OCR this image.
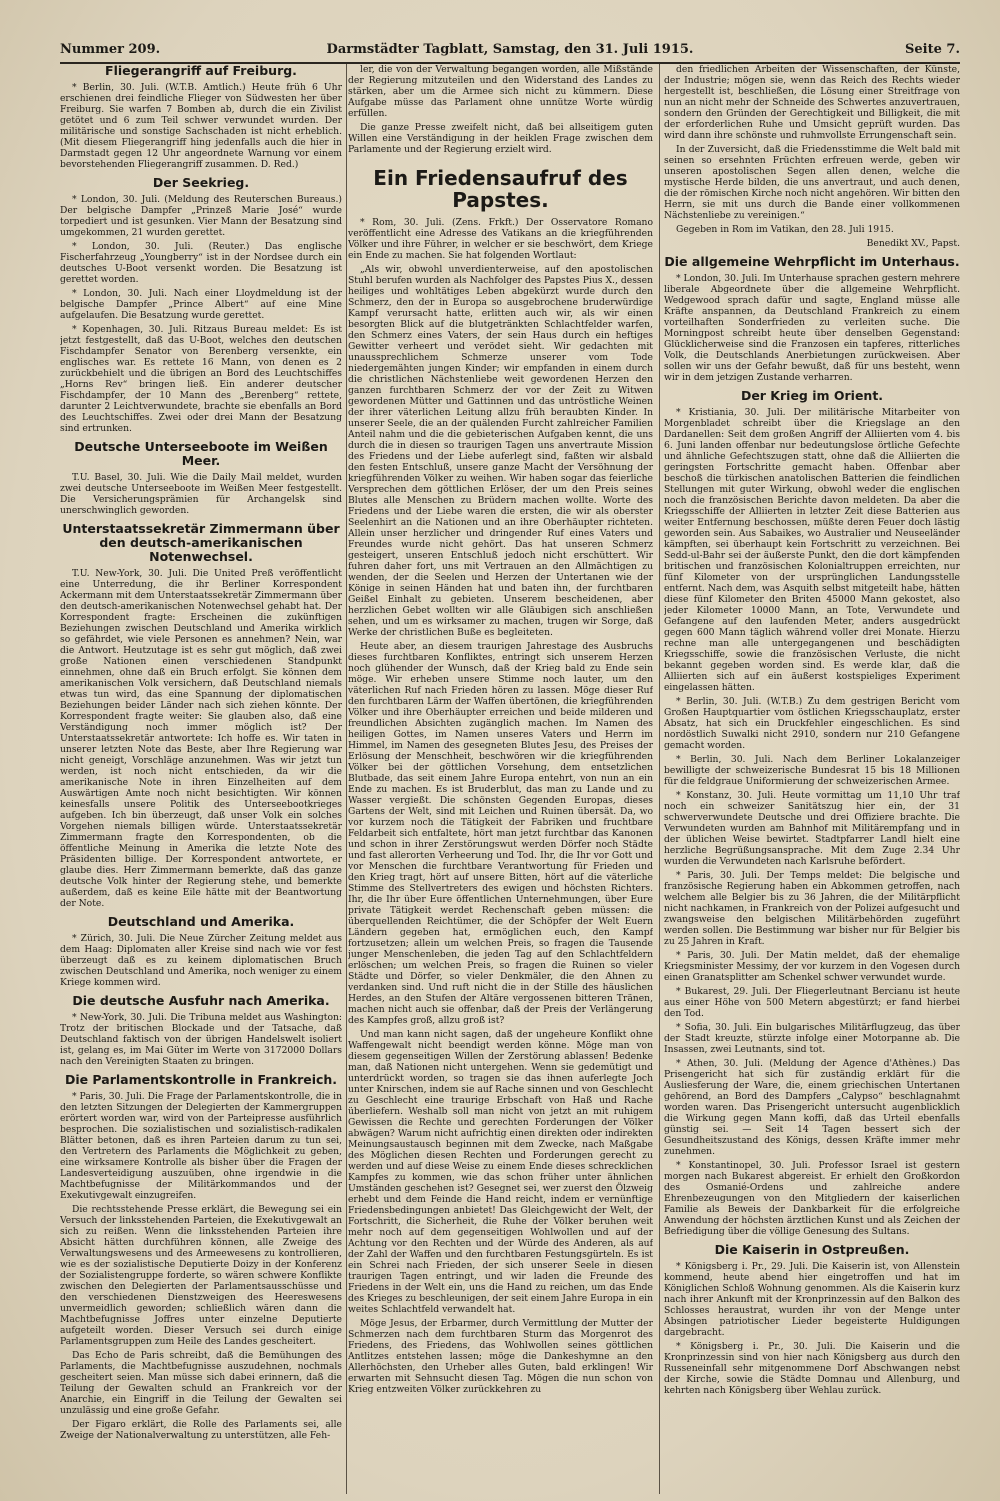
Nummer 209.	Darmstädter Tagblatt, Samstag, den 31. Juli 1915.	Seite 7.
Fliegerangriff auf Freiburg.

* Berlin, 30. Juli. (W.T.B. Amtlich.) Heute früh 6 Uhr erschienen drei feindliche Flieger von Südwesten her über Freiburg. Sie warfen 7 Bomben ab, durch die ein Zivilist getötet und 6 zum Teil schwer verwundet wurden. Der militärische und sonstige Sachschaden ist nicht erheblich. (Mit diesem Fliegerangriff hing jedenfalls auch die hier in Darmstadt gegen 12 Uhr angeordnete Warnung vor einem bevorstehenden Fliegerangriff zusammen. D. Red.)

Der Seekrieg.

* London, 30. Juli. (Meldung des Reuterschen Bureaus.) Der belgische Dampfer „Prinzeß Marie José“ wurde torpediert und ist gesunken. Vier Mann der Besatzung sind umgekommen, 21 wurden gerettet.

* London, 30. Juli. (Reuter.) Das englische Fischerfahrzeug „Youngberry“ ist in der Nordsee durch ein deutsches U-Boot versenkt worden. Die Besatzung ist gerettet worden.

* London, 30. Juli. Nach einer Lloydmeldung ist der belgische Dampfer „Prince Albert“ auf eine Mine aufgelaufen. Die Besatzung wurde gerettet.

* Kopenhagen, 30. Juli. Ritzaus Bureau meldet: Es ist jetzt festgestellt, daß das U-Boot, welches den deutschen Fischdampfer Senator von Berenberg versenkte, ein englisches war. Es rettete 16 Mann, von denen es 2 zurückbehielt und die übrigen an Bord des Leuchtschiffes „Horns Rev“ bringen ließ. Ein anderer deutscher Fischdampfer, der 10 Mann des „Berenberg“ rettete, darunter 2 Leichtverwundete, brachte sie ebenfalls an Bord des Leuchtschiffes. Zwei oder drei Mann der Besatzung sind ertrunken.

Deutsche Unterseeboote im Weißen Meer.

T.U. Basel, 30. Juli. Wie die Daily Mail meldet, wurden zwei deutsche Unterseeboote im Weißen Meer festgestellt. Die Versicherungsprämien für Archangelsk sind unerschwinglich geworden.

Unterstaatssekretär Zimmermann über den deutsch-amerikanischen Notenwechsel.

T.U. New-York, 30. Juli. Die United Preß veröffentlicht eine Unterredung, die ihr Berliner Korrespondent Ackermann mit dem Unterstaatssekretär Zimmermann über den deutsch-amerikanischen Notenwechsel gehabt hat. Der Korrespondent fragte: Erscheinen die zukünftigen Beziehungen zwischen Deutschland und Amerika wirklich so gefährdet, wie viele Personen es annehmen? Nein, war die Antwort. Heutzutage ist es sehr gut möglich, daß zwei große Nationen einen verschiedenen Standpunkt einnehmen, ohne daß ein Bruch erfolgt. Sie können dem amerikanischen Volk versichern, daß Deutschland niemals etwas tun wird, das eine Spannung der diplomatischen Beziehungen beider Länder nach sich ziehen könnte. Der Korrespondent fragte weiter: Sie glauben also, daß eine Verständigung noch immer möglich ist? Der Unterstaatssekretär antwortete: Ich hoffe es. Wir taten in unserer letzten Note das Beste, aber Ihre Regierung war nicht geneigt, Vorschläge anzunehmen. Was wir jetzt tun werden, ist noch nicht entschieden, da wir die amerikanische Note in ihren Einzelheiten auf dem Auswärtigen Amte noch nicht besichtigten. Wir können keinesfalls unsere Politik des Unterseebootkrieges aufgeben. Ich bin überzeugt, daß unser Volk ein solches Vorgehen niemals billigen würde. Unterstaatssekretär Zimmermann fragte den Korrespondenten, ob die öffentliche Meinung in Amerika die letzte Note des Präsidenten billige. Der Korrespondent antwortete, er glaube dies. Herr Zimmermann bemerkte, daß das ganze deutsche Volk hinter der Regierung stehe, und bemerkte außerdem, daß es keine Eile hätte mit der Beantwortung der Note.

Deutschland und Amerika.

* Zürich, 30. Juli. Die Neue Zürcher Zeitung meldet aus dem Haag: Diplomaten aller Kreise sind nach wie vor fest überzeugt daß es zu keinem diplomatischen Bruch zwischen Deutschland und Amerika, noch weniger zu einem Kriege kommen wird.

Die deutsche Ausfuhr nach Amerika.

* New-York, 30. Juli. Die Tribuna meldet aus Washington: Trotz der britischen Blockade und der Tatsache, daß Deutschland faktisch von der übrigen Handelswelt isoliert ist, gelang es, im Mai Güter im Werte von 3172000 Dollars nach den Vereinigten Staaten zu bringen.

Die Parlamentskontrolle in Frankreich.

* Paris, 30. Juli. Die Frage der Parlamentskontrolle, die in den letzten Sitzungen der Delegierten der Kammergruppen erörtert worden war, wird von der Parteipresse ausführlich besprochen. Die sozialistischen und sozialistisch-radikalen Blätter betonen, daß es ihren Parteien darum zu tun sei, den Vertretern des Parlaments die Möglichkeit zu geben, eine wirksamere Kontrolle als bisher über die Fragen der Landesverteidigung auszuüben, ohne irgendwie in die Machtbefugnisse der Militärkommandos und der Exekutivgewalt einzugreifen.

Die rechtsstehende Presse erklärt, die Bewegung sei ein Versuch der linksstehenden Parteien, die Exekutivgewalt an sich zu reißen. Wenn die linksstehenden Parteien ihre Absicht hätten durchführen können, alle Zweige des Verwaltungswesens und des Armeewesens zu kontrollieren, wie es der sozialistische Deputierte Doizy in der Konferenz der Sozialistengruppe forderte, so wären schwere Konflikte zwischen den Delegierten der Parlamentsausschüsse und den verschiedenen Dienstzweigen des Heereswesens unvermeidlich geworden; schließlich wären dann die Machtbefugnisse Joffres unter einzelne Deputierte aufgeteilt worden. Dieser Versuch sei durch einige Parlamentsgruppen zum Heile des Landes gescheitert.

Das Echo de Paris schreibt, daß die Bemühungen des Parlaments, die Machtbefugnisse auszudehnen, nochmals gescheitert seien. Man müsse sich dabei erinnern, daß die Teilung der Gewalten schuld an Frankreich vor der Anarchie, ein Eingriff in die Teilung der Gewalten sei unzulässig und eine große Gefahr.

Der Figaro erklärt, die Rolle des Parlaments sei, alle Zweige der Nationalverwaltung zu unterstützen, alle Feh-

ler, die von der Verwaltung begangen worden, alle Mißstände der Regierung mitzuteilen und den Widerstand des Landes zu stärken, aber um die Armee sich nicht zu kümmern. Diese Aufgabe müsse das Parlament ohne unnütze Worte würdig erfüllen.

Die ganze Presse zweifelt nicht, daß bei allseitigem guten Willen eine Verständigung in der heiklen Frage zwischen dem Parlamente und der Regierung erzielt wird.

Ein Friedensaufruf des Papstes.

* Rom, 30. Juli. (Zens. Frkft.) Der Osservatore Romano veröffentlicht eine Adresse des Vatikans an die kriegführenden Völker und ihre Führer, in welcher er sie beschwört, dem Kriege ein Ende zu machen. Sie hat folgenden Wortlaut:

„Als wir, obwohl unverdienterweise, auf den apostolischen Stuhl berufen wurden als Nachfolger des Papstes Pius X., dessen heiliges und wohltätiges Leben abgekürzt wurde durch den Schmerz, den der in Europa so ausgebrochene bruderwürdige Kampf verursacht hatte, erlitten auch wir, als wir einen besorgten Blick auf die blutgetränkten Schlachtfelder warfen, den Schmerz eines Vaters, der sein Haus durch ein heftiges Gewitter verheert und verödet sieht. Wir gedachten mit unaussprechlichem Schmerze unserer vom Tode niedergemähten jungen Kinder; wir empfanden in einem durch die christlichen Nächstenliebe weit gewordenen Herzen den ganzen furchtbaren Schmerz der vor der Zeit zu Witwen gewordenen Mütter und Gattinnen und das untröstliche Weinen der ihrer väterlichen Leitung allzu früh beraubten Kinder. In unserer Seele, die an der quälenden Furcht zahlreicher Familien Anteil nahm und die die gebieterischen Aufgaben kennt, die uns durch die in diesen so traurigen Tagen uns anvertraute Mission des Friedens und der Liebe auferlegt sind, faßten wir alsbald den festen Entschluß, unsere ganze Macht der Versöhnung der kriegführenden Völker zu weihen. Wir haben sogar das feierliche Versprechen dem göttlichen Erlöser, der um den Preis seines Blutes alle Menschen zu Brüdern machen wollte. Worte des Friedens und der Liebe waren die ersten, die wir als oberster Seelenhirt an die Nationen und an ihre Oberhäupter richteten. Allein unser herzlicher und dringender Ruf eines Vaters und Freundes wurde nicht gehört. Das hat unseren Schmerz gesteigert, unseren Entschluß jedoch nicht erschüttert. Wir fuhren daher fort, uns mit Vertrauen an den Allmächtigen zu wenden, der die Seelen und Herzen der Untertanen wie der Könige in seinen Händen hat und baten ihn, der furchtbaren Geißel Einhalt zu gebieten. Unserem bescheidenen, aber herzlichen Gebet wollten wir alle Gläubigen sich anschließen sehen, und um es wirksamer zu machen, trugen wir Sorge, daß Werke der christlichen Buße es begleiteten.

Heute aber, an diesem traurigen Jahrestage des Ausbruchs dieses furchtbaren Konfliktes, entringt sich unserem Herzen noch glühender der Wunsch, daß der Krieg bald zu Ende sein möge. Wir erheben unsere Stimme noch lauter, um den väterlichen Ruf nach Frieden hören zu lassen. Möge dieser Ruf den furchtbaren Lärm der Waffen übertönen, die kriegführenden Völker und ihre Oberhäupter erreichen und beide milderen und freundlichen Absichten zugänglich machen. Im Namen des heiligen Gottes, im Namen unseres Vaters und Herrn im Himmel, im Namen des gesegneten Blutes Jesu, des Preises der Erlösung der Menschheit, beschwören wir die kriegführenden Völker bei der göttlichen Vorsehung, dem entsetzlichen Blutbade, das seit einem Jahre Europa entehrt, von nun an ein Ende zu machen. Es ist Bruderblut, das man zu Lande und zu Wasser vergießt. Die schönsten Gegenden Europas, dieses Gartens der Welt, sind mit Leichen und Ruinen übersät. Da, wo vor kurzem noch die Tätigkeit der Fabriken und fruchtbare Feldarbeit sich entfaltete, hört man jetzt furchtbar das Kanonen und schon in ihrer Zerstörungswut werden Dörfer noch Städte und fast allerorten Verheerung und Tod. Ihr, die Ihr vor Gott und vor Menschen die furchtbare Verantwortung für Frieden und den Krieg tragt, hört auf unsere Bitten, hört auf die väterliche Stimme des Stellvertreters des ewigen und höchsten Richters. Ihr, die Ihr über Eure öffentlichen Unternehmungen, über Eure private Tätigkeit werdet Rechenschaft geben müssen: die überquellenden Reichtümer, die der Schöpfer der Welt Euern Ländern gegeben hat, ermöglichen euch, den Kampf fortzusetzen; allein um welchen Preis, so fragen die Tausende junger Menschenleben, die jeden Tag auf den Schlachtfeldern erlöschen; um welchen Preis, so fragen die Ruinen so vieler Städte und Dörfer, so vieler Denkmäler, die den Ahnen zu verdanken sind. Und ruft nicht die in der Stille des häuslichen Herdes, an den Stufen der Altäre vergossenen bitteren Tränen, machen nicht auch sie offenbar, daß der Preis der Verlängerung des Kampfes groß, allzu groß ist?

Und man kann nicht sagen, daß der ungeheure Konflikt ohne Waffengewalt nicht beendigt werden könne. Möge man von diesem gegenseitigen Willen der Zerstörung ablassen! Bedenke man, daß Nationen nicht untergehen. Wenn sie gedemütigt und unterdrückt worden, so tragen sie das ihnen auferlegte Joch unter Knirschen, indem sie auf Rache sinnen und von Geschlecht zu Geschlecht eine traurige Erbschaft von Haß und Rache überliefern. Weshalb soll man nicht von jetzt an mit ruhigem Gewissen die Rechte und gerechten Forderungen der Völker abwägen? Warum nicht aufrichtig einen direkten oder indirekten Meinungsaustausch beginnen mit dem Zwecke, nach Maßgabe des Möglichen diesen Rechten und Forderungen gerecht zu werden und auf diese Weise zu einem Ende dieses schrecklichen Kampfes zu kommen, wie das schon früher unter ähnlichen Umständen geschehen ist? Gesegnet sei, wer zuerst den Ölzweig erhebt und dem Feinde die Hand reicht, indem er vernünftige Friedensbedingungen anbietet! Das Gleichgewicht der Welt, der Fortschritt, die Sicherheit, die Ruhe der Völker beruhen weit mehr noch auf dem gegenseitigen Wohlwollen und auf der Achtung vor den Rechten und der Würde des Anderen, als auf der Zahl der Waffen und den furchtbaren Festungsgürteln. Es ist ein Schrei nach Frieden, der sich unserer Seele in diesen traurigen Tagen entringt, und wir laden die Freunde des Friedens in der Welt ein, uns die Hand zu reichen, um das Ende des Krieges zu beschleunigen, der seit einem Jahre Europa in ein weites Schlachtfeld verwandelt hat.

Möge Jesus, der Erbarmer, durch Vermittlung der Mutter der Schmerzen nach dem furchtbaren Sturm das Morgenrot des Friedens, des Friedens, das Wohlwollen seines göttlichen Antlitzes entstehen lassen; möge die Dankeshymne an den Allerhöchsten, den Urheber alles Guten, bald erklingen! Wir erwarten mit Sehnsucht diesen Tag. Mögen die nun schon von Krieg entzweiten Völker zurückkehren zu

den friedlichen Arbeiten der Wissenschaften, der Künste, der Industrie; mögen sie, wenn das Reich des Rechts wieder hergestellt ist, beschließen, die Lösung einer Streitfrage von nun an nicht mehr der Schneide des Schwertes anzuvertrauen, sondern den Gründen der Gerechtigkeit und Billigkeit, die mit der erforderlichen Ruhe und Umsicht geprüft wurden. Das wird dann ihre schönste und ruhmvollste Errungenschaft sein.

In der Zuversicht, daß die Friedensstimme die Welt bald mit seinen so ersehnten Früchten erfreuen werde, geben wir unseren apostolischen Segen allen denen, welche die mystische Herde bilden, die uns anvertraut, und auch denen, die der römischen Kirche noch nicht angehören. Wir bitten den Herrn, sie mit uns durch die Bande einer vollkommenen Nächstenliebe zu vereinigen.“

Gegeben in Rom im Vatikan, den 28. Juli 1915.

Benedikt XV., Papst.

Die allgemeine Wehrpflicht im Unterhaus.

* London, 30. Juli. Im Unterhause sprachen gestern mehrere liberale Abgeordnete über die allgemeine Wehrpflicht. Wedgewood sprach dafür und sagte, England müsse alle Kräfte anspannen, da Deutschland Frankreich zu einem vorteilhaften Sonderfrieden zu verleiten suche. Die Morningpost schreibt heute über denselben Gegenstand: Glücklicherweise sind die Franzosen ein tapferes, ritterliches Volk, die Deutschlands Anerbietungen zurückweisen. Aber sollen wir uns der Gefahr bewußt, daß für uns besteht, wenn wir in dem jetzigen Zustande verharren.

Der Krieg im Orient.

* Kristiania, 30. Juli. Der militärische Mitarbeiter von Morgenbladet schreibt über die Kriegslage an den Dardanellen: Seit dem großen Angriff der Alliierten vom 4. bis 6. Juni landen offenbar nur bedeutungslose örtliche Gefechte und ähnliche Gefechtszugen statt, ohne daß die Alliierten die geringsten Fortschritte gemacht haben. Offenbar aber beschoß die türkischen anatolischen Batterien die feindlichen Stellungen mit guter Wirkung, obwohl weder die englischen noch die französischen Berichte davon meldeten. Da aber die Kriegsschiffe der Alliierten in letzter Zeit diese Batterien aus weiter Entfernung beschossen, müßte deren Feuer doch lästig geworden sein. Aus Sabaikes, wo Australier und Neuseeländer kämpften, sei überhaupt kein Fortschritt zu verzeichnen. Bei Sedd-ul-Bahr sei der äußerste Punkt, den die dort kämpfenden britischen und französischen Kolonialtruppen erreichten, nur fünf Kilometer von der ursprünglichen Landungsstelle entfernt. Nach dem, was Asquith selbst mitgeteilt habe, hätten diese fünf Kilometer den Briten 45000 Mann gekostet, also jeder Kilometer 10000 Mann, an Tote, Verwundete und Gefangene auf den laufenden Meter, anders ausgedrückt gegen 600 Mann täglich während voller drei Monate. Hierzu rechne man alle untergegangenen und beschädigten Kriegsschiffe, sowie die französischen Verluste, die nicht bekannt gegeben worden sind. Es werde klar, daß die Alliierten sich auf ein äußerst kostspieliges Experiment eingelassen hätten.

* Berlin, 30. Juli. (W.T.B.) Zu dem gestrigen Bericht vom Großen Hauptquartier vom östlichen Kriegsschauplatz, erster Absatz, hat sich ein Druckfehler eingeschlichen. Es sind nordöstlich Suwalki nicht 2910, sondern nur 210 Gefangene gemacht worden.

* Berlin, 30. Juli. Nach dem Berliner Lokalanzeiger bewilligte der schweizerische Bundesrat 15 bis 18 Millionen für die feldgraue Uniformierung der schweizerischen Armee.

* Konstanz, 30. Juli. Heute vormittag um 11,10 Uhr traf noch ein schweizer Sanitätszug hier ein, der 31 schwerverwundete Deutsche und drei Offiziere brachte. Die Verwundeten wurden am Bahnhof mit Militärempfang und in der üblichen Weise bewirtet. Stadtpfarrer Landl hielt eine herzliche Begrüßungsansprache. Mit dem Zuge 2.34 Uhr wurden die Verwundeten nach Karlsruhe befördert.

* Paris, 30. Juli. Der Temps meldet: Die belgische und französische Regierung haben ein Abkommen getroffen, nach welchem alle Belgier bis zu 36 Jahren, die der Militärpflicht nicht nachkamen, in Frankreich von der Polizei aufgesucht und zwangsweise den belgischen Militärbehörden zugeführt werden sollen. Die Bestimmung war bisher nur für Belgier bis zu 25 Jahren in Kraft.

* Paris, 30. Juli. Der Matin meldet, daß der ehemalige Kriegsminister Messimy, der vor kurzem in den Vogesen durch einen Granatsplitter am Schenkel schwer verwundet wurde.

* Bukarest, 29. Juli. Der Fliegerleutnant Bercianu ist heute aus einer Höhe von 500 Metern abgestürzt; er fand hierbei den Tod.

* Sofia, 30. Juli. Ein bulgarisches Militärflugzeug, das über der Stadt kreuzte, stürzte infolge einer Motorpanne ab. Die Insassen, zwei Leutnants, sind tot.

* Athen, 30. Juli. (Meldung der Agence d'Athènes.) Das Prisengericht hat sich für zuständig erklärt für die Ausliesferung der Ware, die, einem griechischen Untertanen gehörend, an Bord des Dampfers „Calypso“ beschlagnahmt worden waren. Das Prisengericht untersucht augenblicklich die Wirkung gegen Mann koffi, daß das Urteil ebenfalls günstig sei. — Seit 14 Tagen bessert sich der Gesundheitszustand des Königs, dessen Kräfte immer mehr zunehmen.

* Konstantinopel, 30. Juli. Professor Israel ist gestern morgen nach Bukarest abgereist. Er erhielt den Großkordon des Osmanié-Ordens und zahlreiche andere Ehrenbezeugungen von den Mitgliedern der kaiserlichen Familie als Beweis der Dankbarkeit für die erfolgreiche Anwendung der höchsten ärztlichen Kunst und als Zeichen der Befriedigung über die völlige Genesung des Sultans.

Die Kaiserin in Ostpreußen.

* Königsberg i. Pr., 29. Juli. Die Kaiserin ist, von Allenstein kommend, heute abend hier eingetroffen und hat im Königlichen Schloß Wohnung genommen. Als die Kaiserin kurz nach ihrer Ankunft mit der Kronprinzessin auf den Balkon des Schlosses heraustrat, wurden ihr von der Menge unter Absingen patriotischer Lieder begeisterte Huldigungen dargebracht.

* Königsberg i. Pr., 30. Juli. Die Kaiserin und die Kronprinzessin sind von hier nach Königsberg aus durch den Russeneinfall sehr mitgenommene Dorf Abschwangen nebst der Kirche, sowie die Städte Domnau und Allenburg, und kehrten nach Königsberg über Wehlau zurück.
